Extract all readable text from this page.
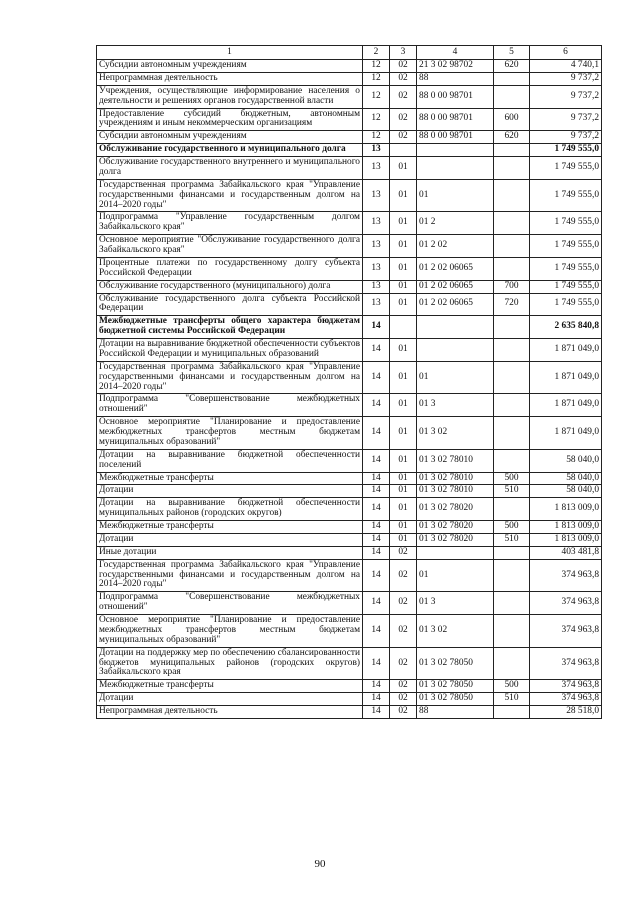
1	2	3	4	5	6
Субсидии автономным учреждениям	12	02	21 3 02 98702	620	4 740,1
Непрограммная деятельность	12	02	88		9 737,2
Учреждения, осуществляющие информирование населения о деятельности и решениях органов государственной власти	12	02	88 0 00 98701		9 737,2
Предоставление субсидий бюджетным, автономным учреждениям и иным некоммерческим организациям	12	02	88 0 00 98701	600	9 737,2
Субсидии автономным учреждениям	12	02	88 0 00 98701	620	9 737,2
Обслуживание государственного и муниципального долга	13				1 749 555,0
Обслуживание государственного внутреннего и муниципального долга	13	01			1 749 555,0
Государственная программа Забайкальского края "Управление государственными финансами и государственным долгом на 2014–2020 годы"	13	01	01		1 749 555,0
Подпрограмма "Управление государственным долгом Забайкальского края"	13	01	01 2		1 749 555,0
Основное мероприятие "Обслуживание государственного долга Забайкальского края"	13	01	01 2 02		1 749 555,0
Процентные платежи по государственному долгу субъекта Российской Федерации	13	01	01 2 02 06065		1 749 555,0
Обслуживание государственного (муниципального) долга	13	01	01 2 02 06065	700	1 749 555,0
Обслуживание государственного долга субъекта Российской Федерации	13	01	01 2 02 06065	720	1 749 555,0
Межбюджетные трансферты общего характера бюджетам бюджетной системы Российской Федерации	14				2 635 840,8
Дотации на выравнивание бюджетной обеспеченности субъектов Российской Федерации и муниципальных образований	14	01			1 871 049,0
Государственная программа Забайкальского края "Управление государственными финансами и государственным долгом на 2014–2020 годы"	14	01	01		1 871 049,0
Подпрограмма "Совершенствование межбюджетных отношений"	14	01	01 3		1 871 049,0
Основное мероприятие "Планирование и предоставление межбюджетных трансфертов местным бюджетам муниципальных образований"	14	01	01 3 02		1 871 049,0
Дотации на выравнивание бюджетной обеспеченности поселений	14	01	01 3 02 78010		58 040,0
Межбюджетные трансферты	14	01	01 3 02 78010	500	58 040,0
Дотации	14	01	01 3 02 78010	510	58 040,0
Дотации на выравнивание бюджетной обеспеченности муниципальных районов (городских округов)	14	01	01 3 02 78020		1 813 009,0
Межбюджетные трансферты	14	01	01 3 02 78020	500	1 813 009,0
Дотации	14	01	01 3 02 78020	510	1 813 009,0
Иные дотации	14	02			403 481,8
Государственная программа Забайкальского края "Управление государственными финансами и государственным долгом на 2014–2020 годы"	14	02	01		374 963,8
Подпрограмма "Совершенствование межбюджетных отношений"	14	02	01 3		374 963,8
Основное мероприятие "Планирование и предоставление межбюджетных трансфертов местным бюджетам муниципальных образований"	14	02	01 3 02		374 963,8
Дотации на поддержку мер по обеспечению сбалансированности бюджетов муниципальных районов (городских округов) Забайкальского края	14	02	01 3 02 78050		374 963,8
Межбюджетные трансферты	14	02	01 3 02 78050	500	374 963,8
Дотации	14	02	01 3 02 78050	510	374 963,8
Непрограммная деятельность	14	02	88		28 518,0
90
